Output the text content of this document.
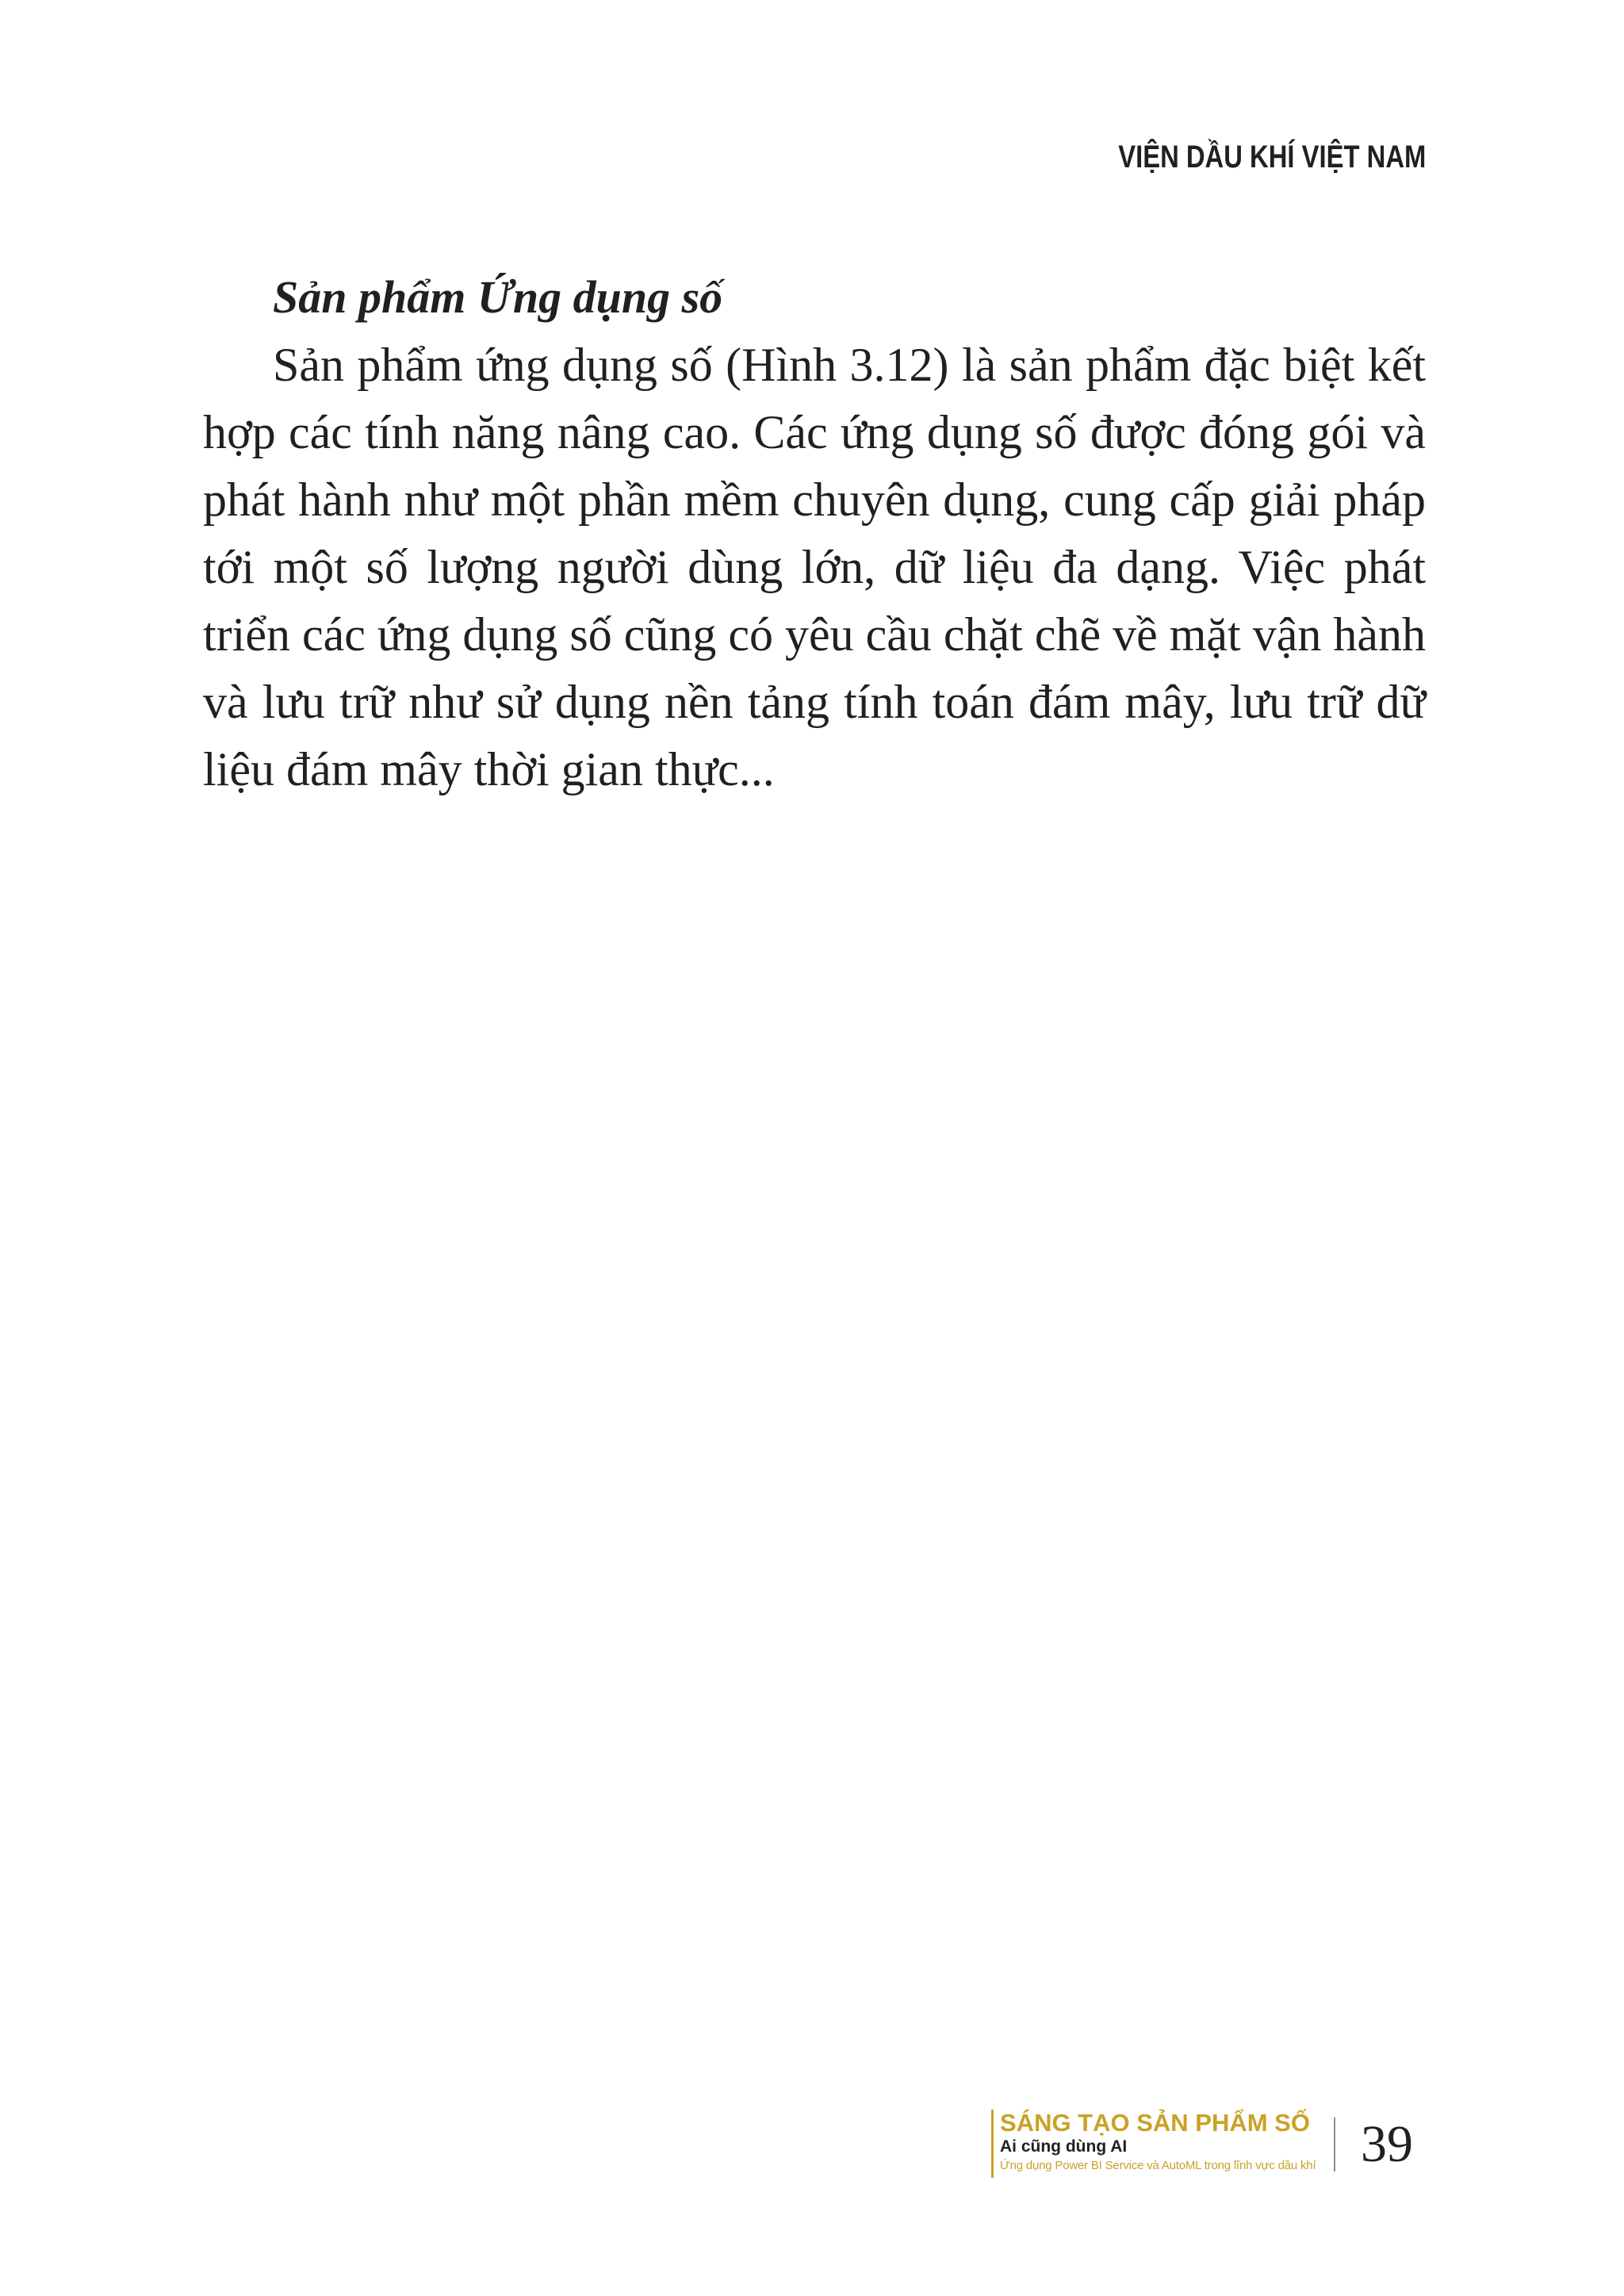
VIỆN DẦU KHÍ VIỆT NAM
Sản phẩm Ứng dụng số

Sản phẩm ứng dụng số (Hình 3.12) là sản phẩm đặc biệt kết hợp các tính năng nâng cao. Các ứng dụng số được đóng gói và phát hành như một phần mềm chuyên dụng, cung cấp giải pháp tới một số lượng người dùng lớn, dữ liệu đa dạng. Việc phát triển các ứng dụng số cũng có yêu cầu chặt chẽ về mặt vận hành và lưu trữ như sử dụng nền tảng tính toán đám mây, lưu trữ dữ liệu đám mây thời gian thực...

SÁNG TẠO SẢN PHẨM SỐ
Ai cũng dùng AI
Ứng dụng Power BI Service và AutoML trong lĩnh vực dầu khí 39
